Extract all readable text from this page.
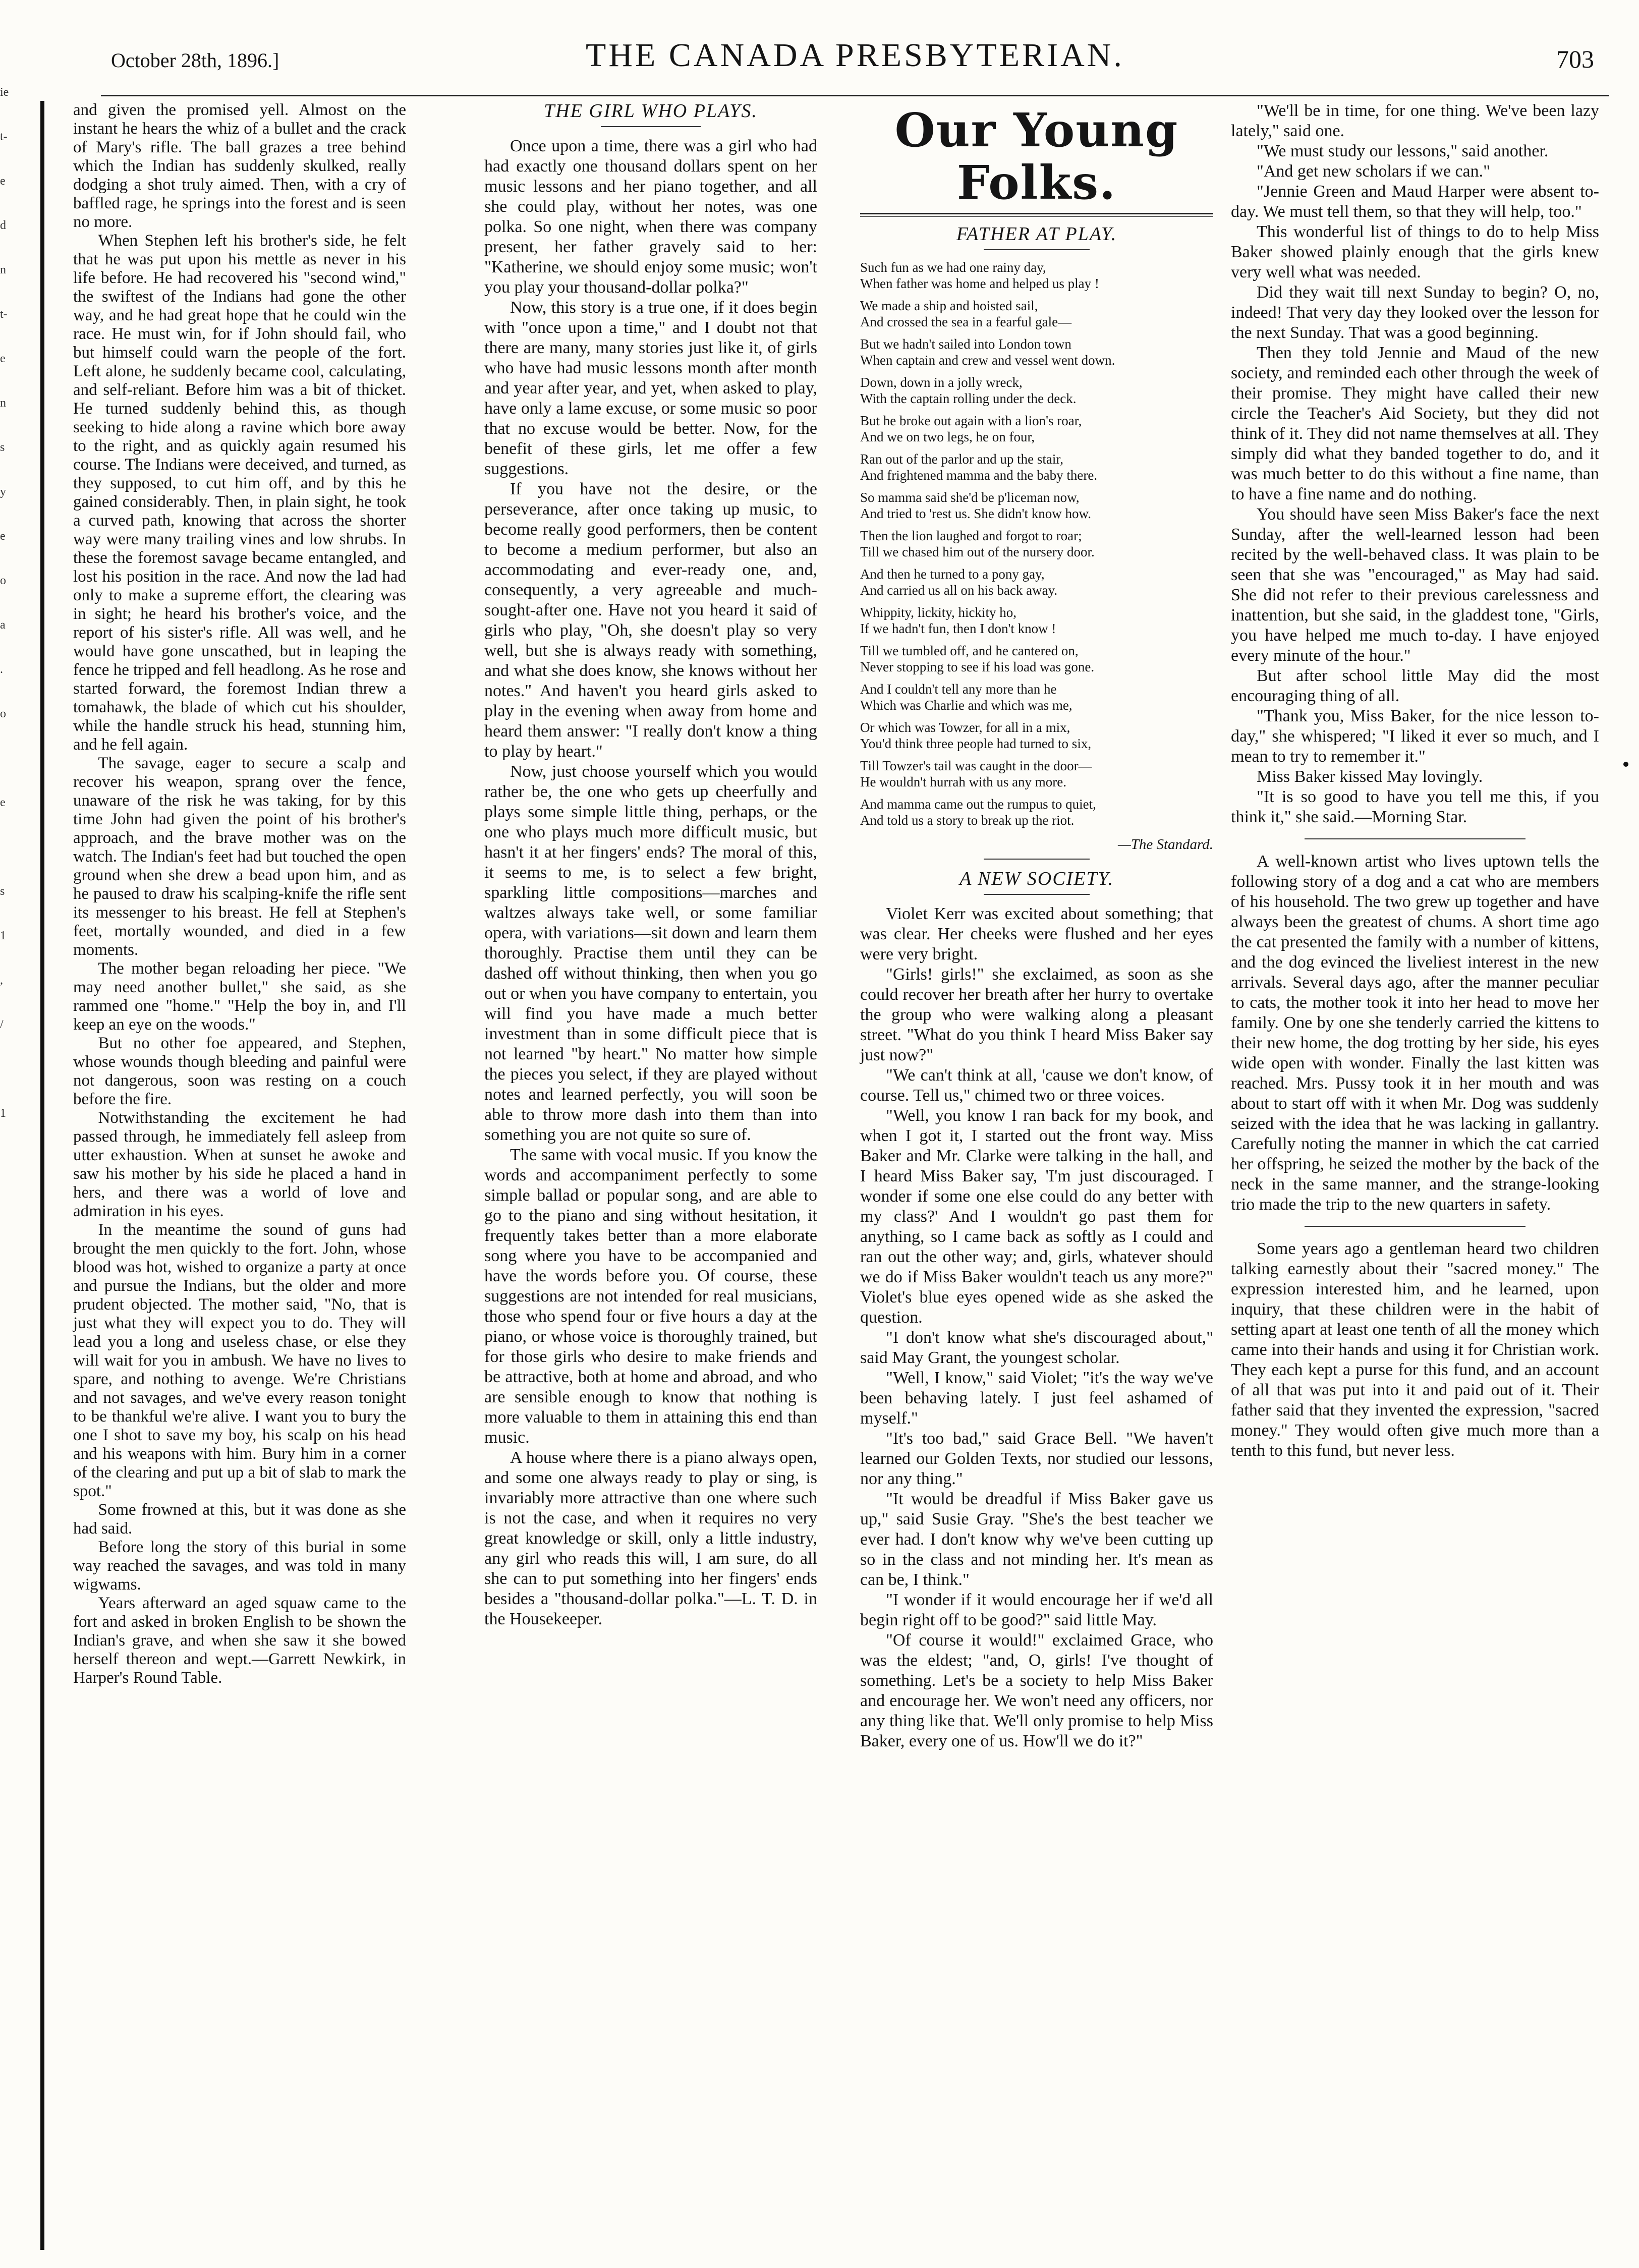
October 28th, 1896.]	THE CANADA PRESBYTERIAN.	703
ie
t-
e
d
n
t-
e
n
s
y
e
o
a
.
o
e
s
1
,
/
1

and given the promised yell. Almost on the instant he hears the whiz of a bullet and the crack of Mary's rifle. The ball grazes a tree behind which the Indian has suddenly skulked, really dodging a shot truly aimed. Then, with a cry of baffled rage, he springs into the forest and is seen no more.

When Stephen left his brother's side, he felt that he was put upon his mettle as never in his life before. He had recovered his "second wind," the swiftest of the Indians had gone the other way, and he had great hope that he could win the race. He must win, for if John should fail, who but himself could warn the people of the fort. Left alone, he suddenly became cool, calculating, and self-reliant. Before him was a bit of thicket. He turned suddenly behind this, as though seeking to hide along a ravine which bore away to the right, and as quickly again resumed his course. The Indians were deceived, and turned, as they supposed, to cut him off, and by this he gained considerably. Then, in plain sight, he took a curved path, knowing that across the shorter way were many trailing vines and low shrubs. In these the foremost savage became entangled, and lost his position in the race. And now the lad had only to make a supreme effort, the clearing was in sight; he heard his brother's voice, and the report of his sister's rifle. All was well, and he would have gone unscathed, but in leaping the fence he tripped and fell headlong. As he rose and started forward, the foremost Indian threw a tomahawk, the blade of which cut his shoulder, while the handle struck his head, stunning him, and he fell again.

The savage, eager to secure a scalp and recover his weapon, sprang over the fence, unaware of the risk he was taking, for by this time John had given the point of his brother's approach, and the brave mother was on the watch. The Indian's feet had but touched the open ground when she drew a bead upon him, and as he paused to draw his scalping-knife the rifle sent its messenger to his breast. He fell at Stephen's feet, mortally wounded, and died in a few moments.

The mother began reloading her piece. "We may need another bullet," she said, as she rammed one "home." "Help the boy in, and I'll keep an eye on the woods."

But no other foe appeared, and Stephen, whose wounds though bleeding and painful were not dangerous, soon was resting on a couch before the fire.

Notwithstanding the excitement he had passed through, he immediately fell asleep from utter exhaustion. When at sunset he awoke and saw his mother by his side he placed a hand in hers, and there was a world of love and admiration in his eyes.

In the meantime the sound of guns had brought the men quickly to the fort. John, whose blood was hot, wished to organize a party at once and pursue the Indians, but the older and more prudent objected. The mother said, "No, that is just what they will expect you to do. They will lead you a long and useless chase, or else they will wait for you in ambush. We have no lives to spare, and nothing to avenge. We're Christians and not savages, and we've every reason tonight to be thankful we're alive. I want you to bury the one I shot to save my boy, his scalp on his head and his weapons with him. Bury him in a corner of the clearing and put up a bit of slab to mark the spot."

Some frowned at this, but it was done as she had said.

Before long the story of this burial in some way reached the savages, and was told in many wigwams.

Years afterward an aged squaw came to the fort and asked in broken English to be shown the Indian's grave, and when she saw it she bowed herself thereon and wept.—Garrett Newkirk, in Harper's Round Table.

THE GIRL WHO PLAYS.

Once upon a time, there was a girl who had had exactly one thousand dollars spent on her music lessons and her piano together, and all she could play, without her notes, was one polka. So one night, when there was company present, her father gravely said to her: "Katherine, we should enjoy some music; won't you play your thousand-dollar polka?"

Now, this story is a true one, if it does begin with "once upon a time," and I doubt not that there are many, many stories just like it, of girls who have had music lessons month after month and year after year, and yet, when asked to play, have only a lame excuse, or some music so poor that no excuse would be better. Now, for the benefit of these girls, let me offer a few suggestions.

If you have not the desire, or the perseverance, after once taking up music, to become really good performers, then be content to become a medium performer, but also an accommodating and ever-ready one, and, consequently, a very agreeable and much-sought-after one. Have not you heard it said of girls who play, "Oh, she doesn't play so very well, but she is always ready with something, and what she does know, she knows without her notes." And haven't you heard girls asked to play in the evening when away from home and heard them answer: "I really don't know a thing to play by heart."

Now, just choose yourself which you would rather be, the one who gets up cheerfully and plays some simple little thing, perhaps, or the one who plays much more difficult music, but hasn't it at her fingers' ends? The moral of this, it seems to me, is to select a few bright, sparkling little compositions—marches and waltzes always take well, or some familiar opera, with variations—sit down and learn them thoroughly. Practise them until they can be dashed off without thinking, then when you go out or when you have company to entertain, you will find you have made a much better investment than in some difficult piece that is not learned "by heart." No matter how simple the pieces you select, if they are played without notes and learned perfectly, you will soon be able to throw more dash into them than into something you are not quite so sure of.

The same with vocal music. If you know the words and accompaniment perfectly to some simple ballad or popular song, and are able to go to the piano and sing without hesitation, it frequently takes better than a more elaborate song where you have to be accompanied and have the words before you. Of course, these suggestions are not intended for real musicians, those who spend four or five hours a day at the piano, or whose voice is thoroughly trained, but for those girls who desire to make friends and be attractive, both at home and abroad, and who are sensible enough to know that nothing is more valuable to them in attaining this end than music.

A house where there is a piano always open, and some one always ready to play or sing, is invariably more attractive than one where such is not the case, and when it requires no very great knowledge or skill, only a little industry, any girl who reads this will, I am sure, do all she can to put something into her fingers' ends besides a "thousand-dollar polka."—L. T. D. in the Housekeeper.

Our Young Folks.
FATHER AT PLAY.
Such fun as we had one rainy day,
When father was home and helped us play !
We made a ship and hoisted sail,
And crossed the sea in a fearful gale—
But we hadn't sailed into London town
When captain and crew and vessel went down.
Down, down in a jolly wreck,
With the captain rolling under the deck.
But he broke out again with a lion's roar,
And we on two legs, he on four,
Ran out of the parlor and up the stair,
And frightened mamma and the baby there.
So mamma said she'd be p'liceman now,
And tried to 'rest us. She didn't know how.
Then the lion laughed and forgot to roar;
Till we chased him out of the nursery door.
And then he turned to a pony gay,
And carried us all on his back away.
Whippity, lickity, hickity ho,
If we hadn't fun, then I don't know !
Till we tumbled off, and he cantered on,
Never stopping to see if his load was gone.
And I couldn't tell any more than he
Which was Charlie and which was me,
Or which was Towzer, for all in a mix,
You'd think three people had turned to six,
Till Towzer's tail was caught in the door—
He wouldn't hurrah with us any more.
And mamma came out the rumpus to quiet,
And told us a story to break up the riot.
—The Standard.
A NEW SOCIETY.

Violet Kerr was excited about something; that was clear. Her cheeks were flushed and her eyes were very bright.

"Girls! girls!" she exclaimed, as soon as she could recover her breath after her hurry to overtake the group who were walking along a pleasant street. "What do you think I heard Miss Baker say just now?"

"We can't think at all, 'cause we don't know, of course. Tell us," chimed two or three voices.

"Well, you know I ran back for my book, and when I got it, I started out the front way. Miss Baker and Mr. Clarke were talking in the hall, and I heard Miss Baker say, 'I'm just discouraged. I wonder if some one else could do any better with my class?' And I wouldn't go past them for anything, so I came back as softly as I could and ran out the other way; and, girls, whatever should we do if Miss Baker wouldn't teach us any more?" Violet's blue eyes opened wide as she asked the question.

"I don't know what she's discouraged about," said May Grant, the youngest scholar.

"Well, I know," said Violet; "it's the way we've been behaving lately. I just feel ashamed of myself."

"It's too bad," said Grace Bell. "We haven't learned our Golden Texts, nor studied our lessons, nor any thing."

"It would be dreadful if Miss Baker gave us up," said Susie Gray. "She's the best teacher we ever had. I don't know why we've been cutting up so in the class and not minding her. It's mean as can be, I think."

"I wonder if it would encourage her if we'd all begin right off to be good?" said little May.

"Of course it would!" exclaimed Grace, who was the eldest; "and, O, girls! I've thought of something. Let's be a society to help Miss Baker and encourage her. We won't need any officers, nor any thing like that. We'll only promise to help Miss Baker, every one of us. How'll we do it?"

"We'll be in time, for one thing. We've been lazy lately," said one.

"We must study our lessons," said another.

"And get new scholars if we can."

"Jennie Green and Maud Harper were absent to-day. We must tell them, so that they will help, too."

This wonderful list of things to do to help Miss Baker showed plainly enough that the girls knew very well what was needed.

Did they wait till next Sunday to begin? O, no, indeed! That very day they looked over the lesson for the next Sunday. That was a good beginning.

Then they told Jennie and Maud of the new society, and reminded each other through the week of their promise. They might have called their new circle the Teacher's Aid Society, but they did not think of it. They did not name themselves at all. They simply did what they banded together to do, and it was much better to do this without a fine name, than to have a fine name and do nothing.

You should have seen Miss Baker's face the next Sunday, after the well-learned lesson had been recited by the well-behaved class. It was plain to be seen that she was "encouraged," as May had said. She did not refer to their previous carelessness and inattention, but she said, in the gladdest tone, "Girls, you have helped me much to-day. I have enjoyed every minute of the hour."

But after school little May did the most encouraging thing of all.

"Thank you, Miss Baker, for the nice lesson to-day," she whispered; "I liked it ever so much, and I mean to try to remember it."

Miss Baker kissed May lovingly.

"It is so good to have you tell me this, if you think it," she said.—Morning Star.

A well-known artist who lives uptown tells the following story of a dog and a cat who are members of his household. The two grew up together and have always been the greatest of chums. A short time ago the cat presented the family with a number of kittens, and the dog evinced the liveliest interest in the new arrivals. Several days ago, after the manner peculiar to cats, the mother took it into her head to move her family. One by one she tenderly carried the kittens to their new home, the dog trotting by her side, his eyes wide open with wonder. Finally the last kitten was reached. Mrs. Pussy took it in her mouth and was about to start off with it when Mr. Dog was suddenly seized with the idea that he was lacking in gallantry. Carefully noting the manner in which the cat carried her offspring, he seized the mother by the back of the neck in the same manner, and the strange-looking trio made the trip to the new quarters in safety.

Some years ago a gentleman heard two children talking earnestly about their "sacred money." The expression interested him, and he learned, upon inquiry, that these children were in the habit of setting apart at least one tenth of all the money which came into their hands and using it for Christian work. They each kept a purse for this fund, and an account of all that was put into it and paid out of it. Their father said that they invented the expression, "sacred money." They would often give much more than a tenth to this fund, but never less.
